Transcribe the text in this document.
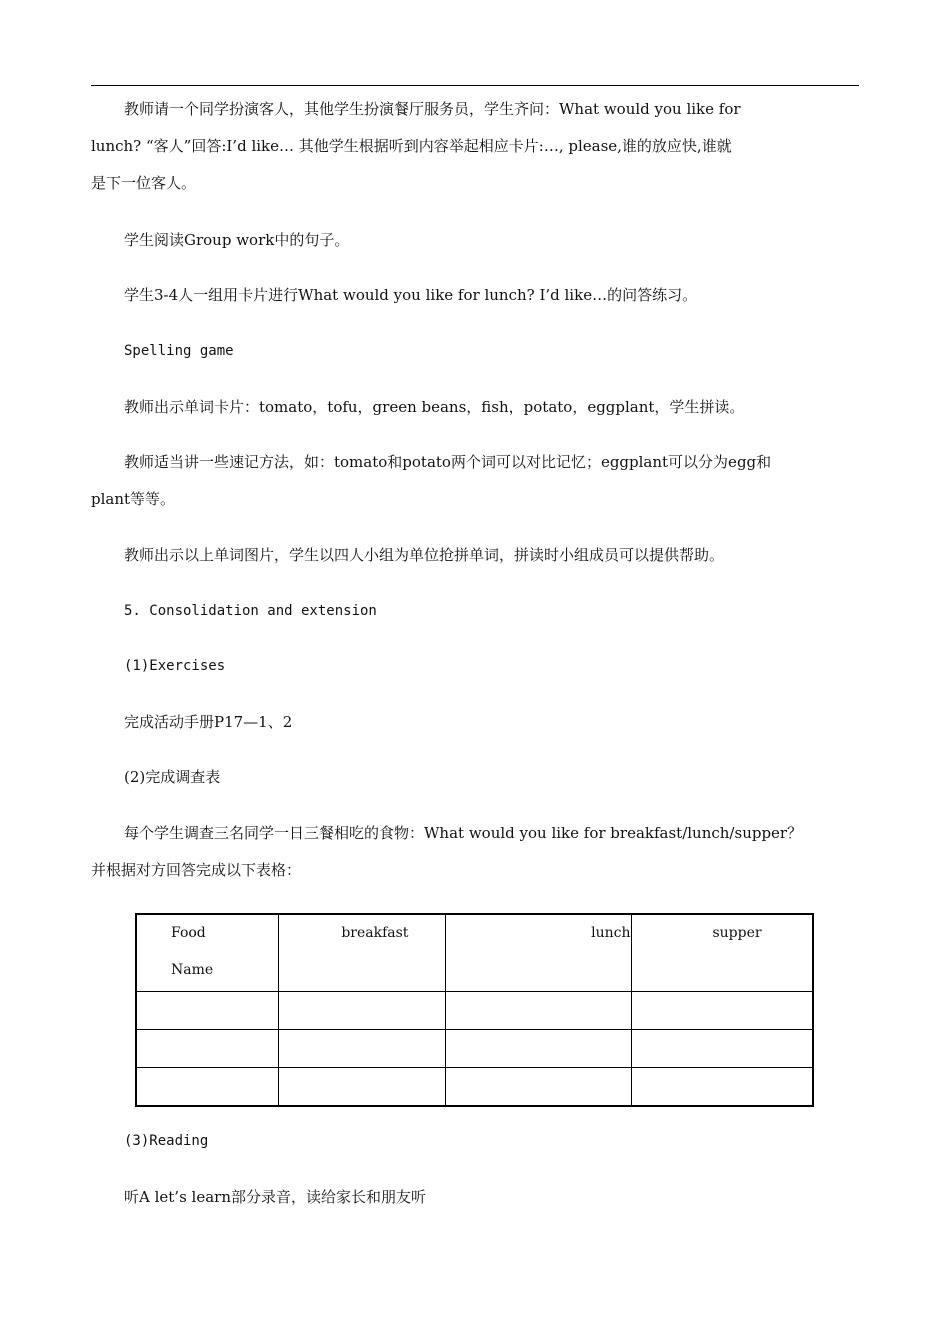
教师请一个同学扮演客人，其他学生扮演餐厅服务员，学生齐问：What would you like for
lunch? “客人”回答:I’d like… 其他学生根据听到内容举起相应卡片:…, please,谁的放应快,谁就
是下一位客人。
学生阅读Group work中的句子。
学生3-4人一组用卡片进行What would you like for lunch? I’d like…的问答练习。
Spelling game
教师出示单词卡片：tomato，tofu，green beans，fish，potato，eggplant，学生拼读。
教师适当讲一些速记方法，如：tomato和potato两个词可以对比记忆；eggplant可以分为egg和
plant等等。
教师出示以上单词图片，学生以四人小组为单位抢拼单词，拼读时小组成员可以提供帮助。
5. Consolidation and extension
(1)Exercises
完成活动手册P17—1、2
(2)完成调查表
每个学生调查三名同学一日三餐相吃的食物：What would you like for breakfast/lunch/supper？
并根据对方回答完成以下表格：
Food
Name	breakfast	lunch	supper

(3)Reading
听A let’s learn部分录音，读给家长和朋友听
